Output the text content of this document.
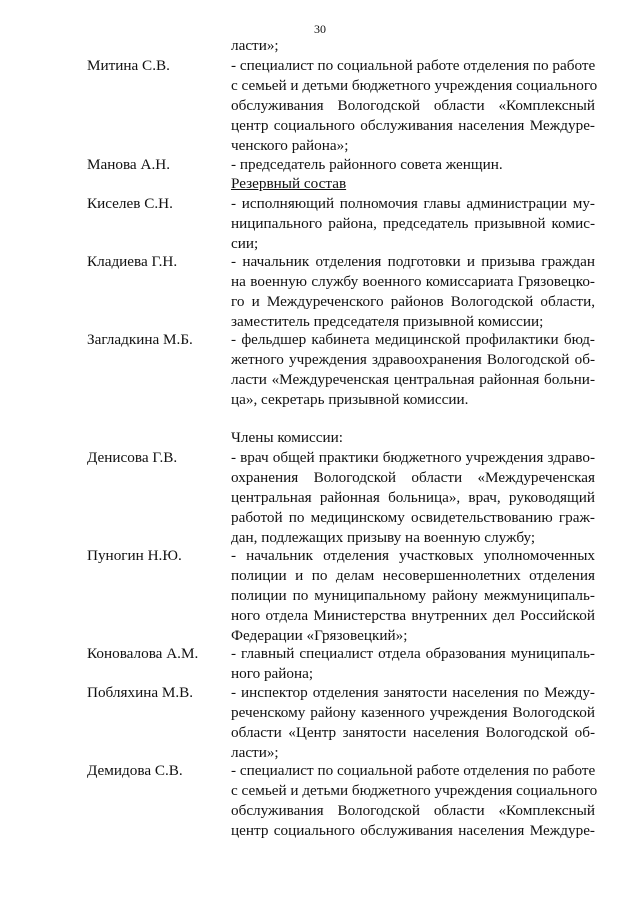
30
ласти»;
Митина С.В.	- специалист по социальной работе отделения по работе
с семьей и детьми бюджетного учреждения социального
обслуживания Вологодской области «Комплексный
центр социального обслуживания населения Междуре-
ченского района»;
Манова А.Н.	- председатель районного совета женщин.
Резервный состав
Киселев С.Н.	- исполняющий полномочия главы администрации му-
ниципального района, председатель призывной комис-
сии;
Кладиева Г.Н.	- начальник отделения подготовки и призыва граждан
на военную службу военного комиссариата Грязовецко-
го и Междуреченского районов Вологодской области,
заместитель председателя призывной комиссии;
Загладкина М.Б.	- фельдшер кабинета медицинской профилактики бюд-
жетного учреждения здравоохранения Вологодской об-
ласти «Междуреченская центральная районная больни-
ца», секретарь призывной комиссии.
Члены комиссии:
Денисова Г.В.	- врач общей практики бюджетного учреждения здраво-
охранения Вологодской области «Междуреченская
центральная районная больница», врач, руководящий
работой по медицинскому освидетельствованию граж-
дан, подлежащих призыву на военную службу;
Пуногин Н.Ю.	- начальник отделения участковых уполномоченных
полиции и по делам несовершеннолетних отделения
полиции по муниципальному району межмуниципаль-
ного отдела Министерства внутренних дел Российской
Федерации «Грязовецкий»;
Коновалова А.М. - главный специалист отдела образования муниципаль-
ного района;
Побляхина М.В. - инспектор отделения занятости населения по Между-
реченскому району казенного учреждения Вологодской
области «Центр занятости населения Вологодской об-
ласти»;
Демидова С.В.	- специалист по социальной работе отделения по работе
с семьей и детьми бюджетного учреждения социального
обслуживания Вологодской области «Комплексный
центр социального обслуживания населения Междуре-
